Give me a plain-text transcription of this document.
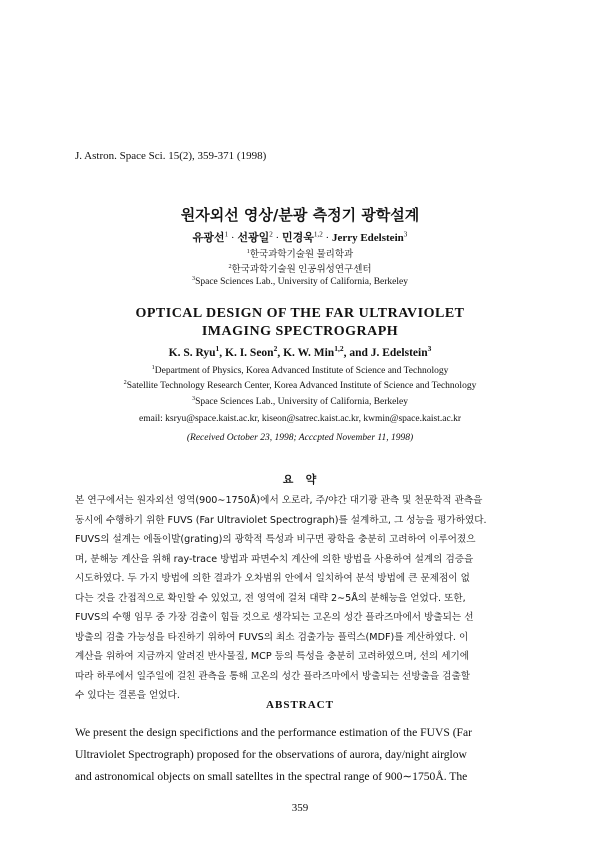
J. Astron. Space Sci. 15(2), 359-371 (1998)
원자외선 영상/분광 측정기 광학설계
유광선$^1$ · 선광일$^2$ · 민경욱$^{1,2}$ · Jerry Edelstein$^3$
$^1$한국과학기술원 물리학과
$^2$한국과학기술원 인공위성연구센터
$^3$Space Sciences Lab., University of California, Berkeley
OPTICAL DESIGN OF THE FAR ULTRAVIOLET
IMAGING SPECTROGRAPH
K. S. Ryu$^1$, K. I. Seon$^2$, K. W. Min$^{1,2}$, and J. Edelstein$^3$
$^1$Department of Physics, Korea Advanced Institute of Science and Technology
$^2$Satellite Technology Research Center, Korea Advanced Institute of Science and Technology
$^3$Space Sciences Lab., University of California, Berkeley
email: ksryu@space.kaist.ac.kr, kiseon@satrec.kaist.ac.kr, kwmin@space.kaist.ac.kr
(Received October 23, 1998; Acccpted November 11, 1998)
요   약
본 연구에서는 원자외선 영역(900∼1750Å)에서 오로라, 주/야간 대기광 관측 및 천문학적 관측을
동시에 수행하기 위한 FUVS (Far Ultraviolet Spectrograph)를 설계하고, 그 성능을 평가하였다.
FUVS의 설계는 에돌이발(grating)의 광학적 특성과 비구면 광학을 충분히 고려하여 이루어졌으
며, 분해능 계산을 위해 ray-trace 방법과 파면수치 계산에 의한 방법을 사용하여 설계의 검증을
시도하였다. 두 가지 방법에 의한 결과가 오차범위 안에서 일치하여 분석 방법에 큰 문제점이 없
다는 것을 간접적으로 확인할 수 있었고, 전 영역에 걸쳐 대략 2∼5Å의 분해능을 얻었다. 또한,
FUVS의 수행 임무 중 가장 검출이 힘들 것으로 생각되는 고온의 성간 플라즈마에서 방출되는 선
방출의 검출 가능성을 타진하기 위하여 FUVS의 최소 검출가능 플럭스(MDF)를 계산하였다. 이
계산을 위하여 지금까지 알려진 반사물질, MCP 등의 특성을 충분히 고려하였으며, 선의 세기에
따라 하루에서 일주일에 걸친 관측을 통해 고온의 성간 플라즈마에서 방출되는 선방출을 검출할
수 있다는 결론을 얻었다.
ABSTRACT
We present the design specifictions and the performance estimation of the FUVS (Far
Ultraviolet Spectrograph) proposed for the observations of aurora, day/night airglow
and astronomical objects on small satelltes in the spectral range of 900∼1750Å. The
359
